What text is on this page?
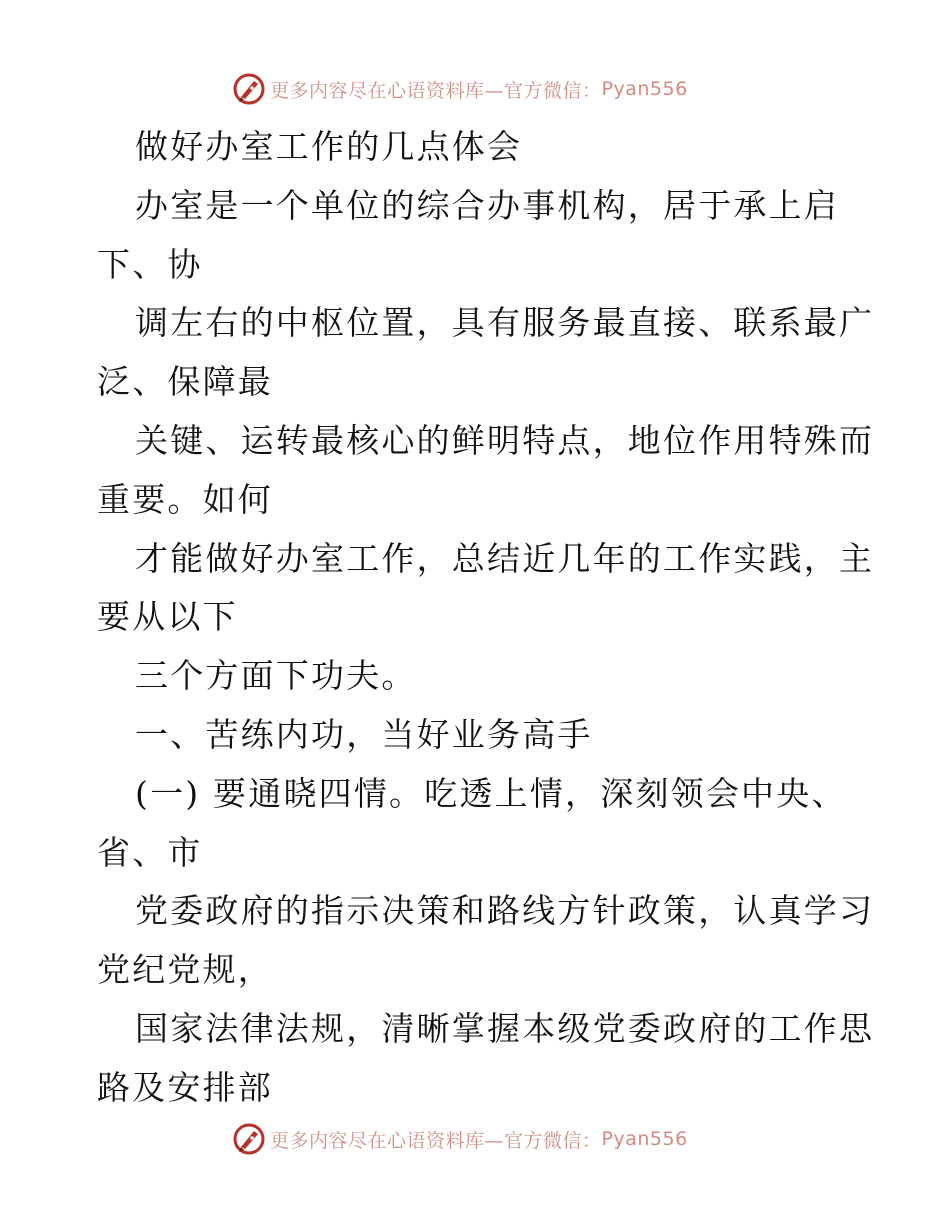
更多内容尽在心语资料库—官方微信： Pyan556
做好办室工作的几点体会
办室是一个单位的综合办事机构，居于承上启
下、协
调左右的中枢位置，具有服务最直接、联系最广
泛、保障最
关键、运转最核心的鲜明特点，地位作用特殊而
重要。如何
才能做好办室工作，总结近几年的工作实践，主
要从以下
三个方面下功夫。
一、苦练内功，当好业务高手
(一) 要通晓四情。吃透上情，深刻领会中央、
省、市
党委政府的指示决策和路线方针政策，认真学习
党纪党规，
国家法律法规，清晰掌握本级党委政府的工作思
路及安排部
更多内容尽在心语资料库—官方微信： Pyan556
